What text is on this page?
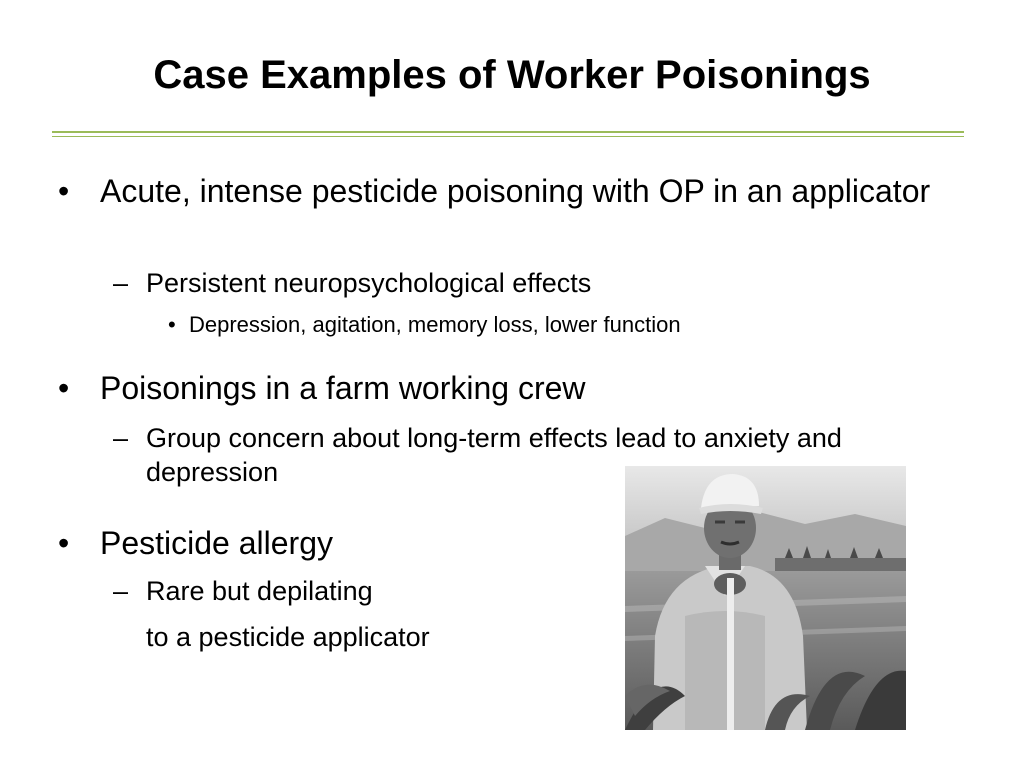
Case Examples of Worker Poisonings
• Acute, intense pesticide poisoning with OP in an applicator
– Persistent neuropsychological effects
• Depression, agitation, memory loss, lower function
• Poisonings in a farm working crew
– Group concern about long-term effects lead to anxiety and depression
• Pesticide allergy
– Rare but depilating
to a pesticide applicator
